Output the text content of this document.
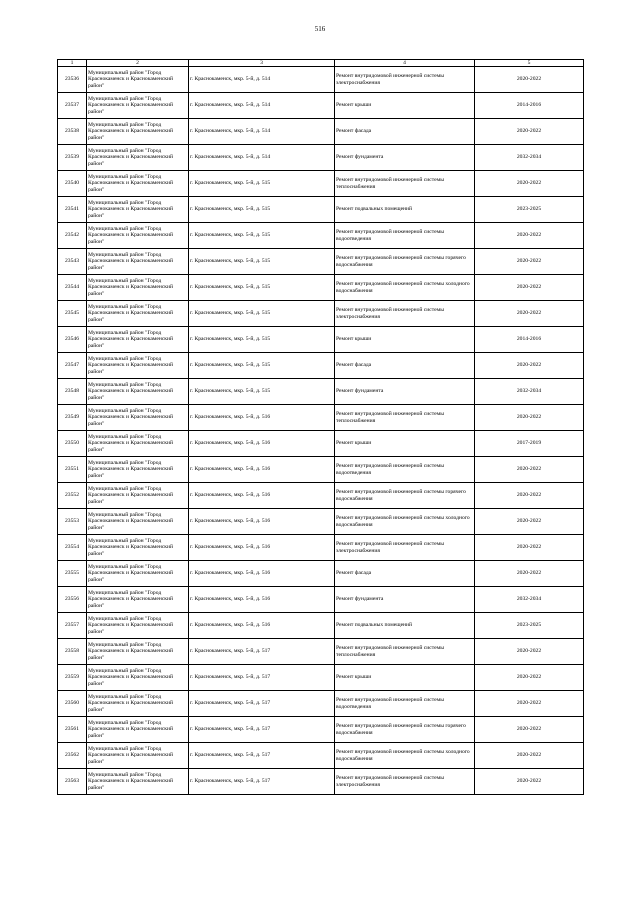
516
1	2	3	4	5
23536	Муниципальный район "Город Краснокаменск и Краснокаменский район"	г. Краснокаменск, мкр. 5-й, д. 514	Ремонт внутридомовой инженерной системы электроснабжения	2020-2022
23537	Муниципальный район "Город Краснокаменск и Краснокаменский район"	г. Краснокаменск, мкр. 5-й, д. 514	Ремонт крыши	2014-2016
23538	Муниципальный район "Город Краснокаменск и Краснокаменский район"	г. Краснокаменск, мкр. 5-й, д. 514	Ремонт фасада	2020-2022
23539	Муниципальный район "Город Краснокаменск и Краснокаменский район"	г. Краснокаменск, мкр. 5-й, д. 514	Ремонт фундамента	2032-2034
23540	Муниципальный район "Город Краснокаменск и Краснокаменский район"	г. Краснокаменск, мкр. 5-й, д. 515	Ремонт внутридомовой инженерной системы теплоснабжения	2020-2022
23541	Муниципальный район "Город Краснокаменск и Краснокаменский район"	г. Краснокаменск, мкр. 5-й, д. 515	Ремонт подвальных помещений	2023-2025
23542	Муниципальный район "Город Краснокаменск и Краснокаменский район"	г. Краснокаменск, мкр. 5-й, д. 515	Ремонт внутридомовой инженерной системы водоотведения	2020-2022
23543	Муниципальный район "Город Краснокаменск и Краснокаменский район"	г. Краснокаменск, мкр. 5-й, д. 515	Ремонт внутридомовой инженерной системы горячего водоснабжения	2020-2022
23544	Муниципальный район "Город Краснокаменск и Краснокаменский район"	г. Краснокаменск, мкр. 5-й, д. 515	Ремонт внутридомовой инженерной системы холодного водоснабжения	2020-2022
23545	Муниципальный район "Город Краснокаменск и Краснокаменский район"	г. Краснокаменск, мкр. 5-й, д. 515	Ремонт внутридомовой инженерной системы электроснабжения	2020-2022
23546	Муниципальный район "Город Краснокаменск и Краснокаменский район"	г. Краснокаменск, мкр. 5-й, д. 515	Ремонт крыши	2014-2016
23547	Муниципальный район "Город Краснокаменск и Краснокаменский район"	г. Краснокаменск, мкр. 5-й, д. 515	Ремонт фасада	2020-2022
23548	Муниципальный район "Город Краснокаменск и Краснокаменский район"	г. Краснокаменск, мкр. 5-й, д. 515	Ремонт фундамента	2032-2034
23549	Муниципальный район "Город Краснокаменск и Краснокаменский район"	г. Краснокаменск, мкр. 5-й, д. 516	Ремонт внутридомовой инженерной системы теплоснабжения	2020-2022
23550	Муниципальный район "Город Краснокаменск и Краснокаменский район"	г. Краснокаменск, мкр. 5-й, д. 516	Ремонт крыши	2017-2019
23551	Муниципальный район "Город Краснокаменск и Краснокаменский район"	г. Краснокаменск, мкр. 5-й, д. 516	Ремонт внутридомовой инженерной системы водоотведения	2020-2022
23552	Муниципальный район "Город Краснокаменск и Краснокаменский район"	г. Краснокаменск, мкр. 5-й, д. 516	Ремонт внутридомовой инженерной системы горячего водоснабжения	2020-2022
23553	Муниципальный район "Город Краснокаменск и Краснокаменский район"	г. Краснокаменск, мкр. 5-й, д. 516	Ремонт внутридомовой инженерной системы холодного водоснабжения	2020-2022
23554	Муниципальный район "Город Краснокаменск и Краснокаменский район"	г. Краснокаменск, мкр. 5-й, д. 516	Ремонт внутридомовой инженерной системы электроснабжения	2020-2022
23555	Муниципальный район "Город Краснокаменск и Краснокаменский район"	г. Краснокаменск, мкр. 5-й, д. 516	Ремонт фасада	2020-2022
23556	Муниципальный район "Город Краснокаменск и Краснокаменский район"	г. Краснокаменск, мкр. 5-й, д. 516	Ремонт фундамента	2032-2034
23557	Муниципальный район "Город Краснокаменск и Краснокаменский район"	г. Краснокаменск, мкр. 5-й, д. 516	Ремонт подвальных помещений	2023-2025
23558	Муниципальный район "Город Краснокаменск и Краснокаменский район"	г. Краснокаменск, мкр. 5-й, д. 517	Ремонт внутридомовой инженерной системы теплоснабжения	2020-2022
23559	Муниципальный район "Город Краснокаменск и Краснокаменский район"	г. Краснокаменск, мкр. 5-й, д. 517	Ремонт крыши	2020-2022
23560	Муниципальный район "Город Краснокаменск и Краснокаменский район"	г. Краснокаменск, мкр. 5-й, д. 517	Ремонт внутридомовой инженерной системы водоотведения	2020-2022
23561	Муниципальный район "Город Краснокаменск и Краснокаменский район"	г. Краснокаменск, мкр. 5-й, д. 517	Ремонт внутридомовой инженерной системы горячего водоснабжения	2020-2022
23562	Муниципальный район "Город Краснокаменск и Краснокаменский район"	г. Краснокаменск, мкр. 5-й, д. 517	Ремонт внутридомовой инженерной системы холодного водоснабжения	2020-2022
23563	Муниципальный район "Город Краснокаменск и Краснокаменский район"	г. Краснокаменск, мкр. 5-й, д. 517	Ремонт внутридомовой инженерной системы электроснабжения	2020-2022
